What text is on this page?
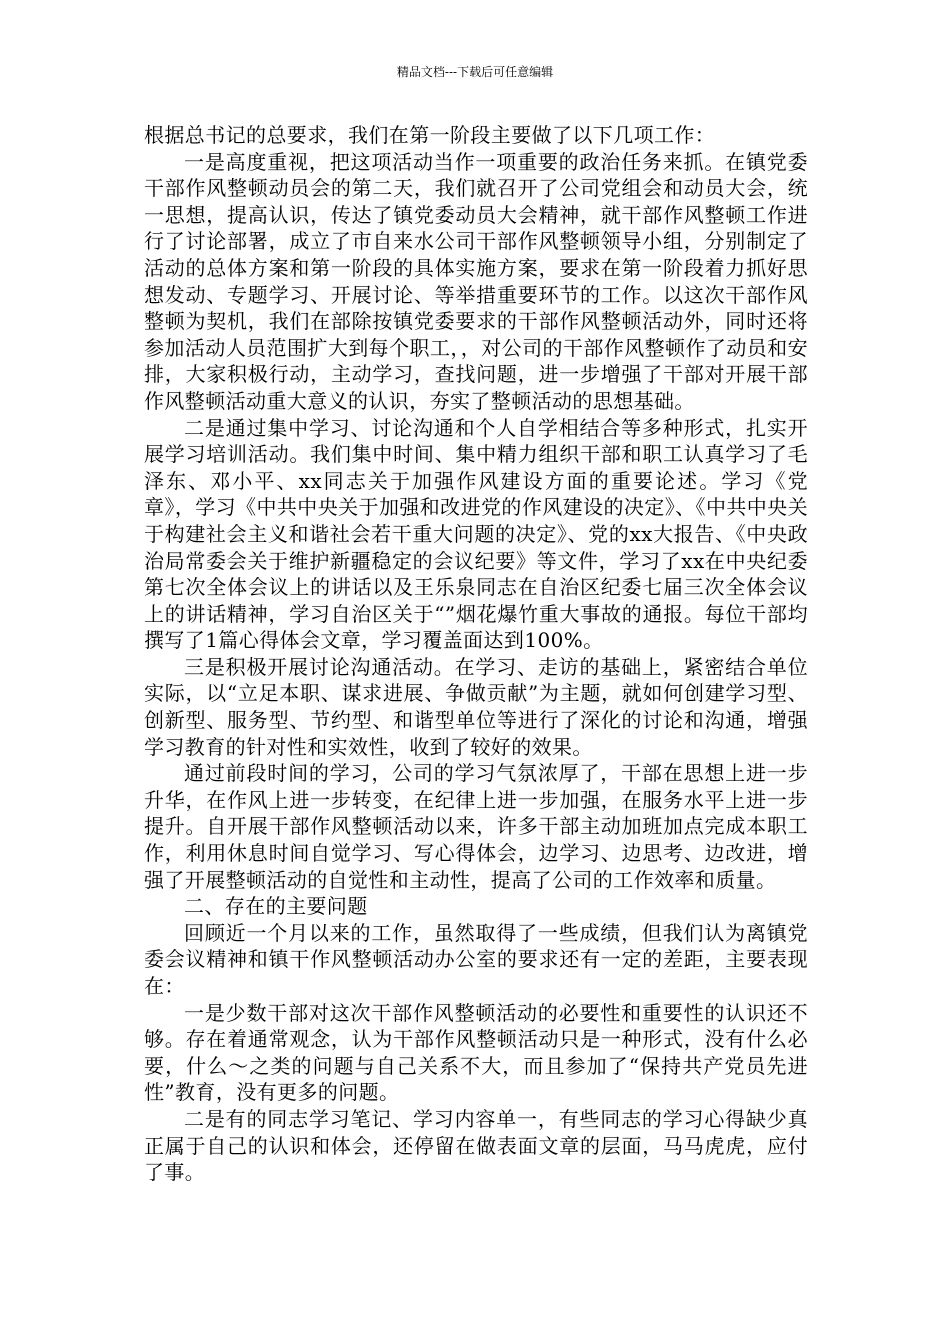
精品文档---下载后可任意编辑

根据总书记的总要求，我们在第一阶段主要做了以下几项工作：

一是高度重视，把这项活动当作一项重要的政治任务来抓。在镇党委干部作风整顿动员会的第二天，我们就召开了公司党组会和动员大会，统一思想，提高认识，传达了镇党委动员大会精神，就干部作风整顿工作进行了讨论部署，成立了市自来水公司干部作风整顿领导小组，分别制定了活动的总体方案和第一阶段的具体实施方案，要求在第一阶段着力抓好思想发动、专题学习、开展讨论、等举措重要环节的工作。以这次干部作风整顿为契机，我们在部除按镇党委要求的干部作风整顿活动外，同时还将参加活动人员范围扩大到每个职工，，对公司的干部作风整顿作了动员和安排，大家积极行动，主动学习，查找问题，进一步增强了干部对开展干部作风整顿活动重大意义的认识，夯实了整顿活动的思想基础。

二是通过集中学习、讨论沟通和个人自学相结合等多种形式，扎实开展学习培训活动。我们集中时间、集中精力组织干部和职工认真学习了毛泽东、邓小平、xx同志关于加强作风建设方面的重要论述。学习《党章》，学习《中共中央关于加强和改进党的作风建设的决定》、《中共中央关于构建社会主义和谐社会若干重大问题的决定》、党的xx大报告、《中央政治局常委会关于维护新疆稳定的会议纪要》等文件，学习了xx在中央纪委第七次全体会议上的讲话以及王乐泉同志在自治区纪委七届三次全体会议上的讲话精神，学习自治区关于“”烟花爆竹重大事故的通报。每位干部均撰写了1篇心得体会文章，学习覆盖面达到100%。

三是积极开展讨论沟通活动。在学习、走访的基础上，紧密结合单位实际，以“立足本职、谋求进展、争做贡献”为主题，就如何创建学习型、创新型、服务型、节约型、和谐型单位等进行了深化的讨论和沟通，增强学习教育的针对性和实效性，收到了较好的效果。

通过前段时间的学习，公司的学习气氛浓厚了，干部在思想上进一步升华，在作风上进一步转变，在纪律上进一步加强，在服务水平上进一步提升。自开展干部作风整顿活动以来，许多干部主动加班加点完成本职工作，利用休息时间自觉学习、写心得体会，边学习、边思考、边改进，增强了开展整顿活动的自觉性和主动性，提高了公司的工作效率和质量。

二、存在的主要问题

回顾近一个月以来的工作，虽然取得了一些成绩，但我们认为离镇党委会议精神和镇干作风整顿活动办公室的要求还有一定的差距，主要表现在：

一是少数干部对这次干部作风整顿活动的必要性和重要性的认识还不够。存在着通常观念，认为干部作风整顿活动只是一种形式，没有什么必要，什么～之类的问题与自己关系不大，而且参加了“保持共产党员先进性”教育，没有更多的问题。

二是有的同志学习笔记、学习内容单一，有些同志的学习心得缺少真正属于自己的认识和体会，还停留在做表面文章的层面，马马虎虎，应付了事。
